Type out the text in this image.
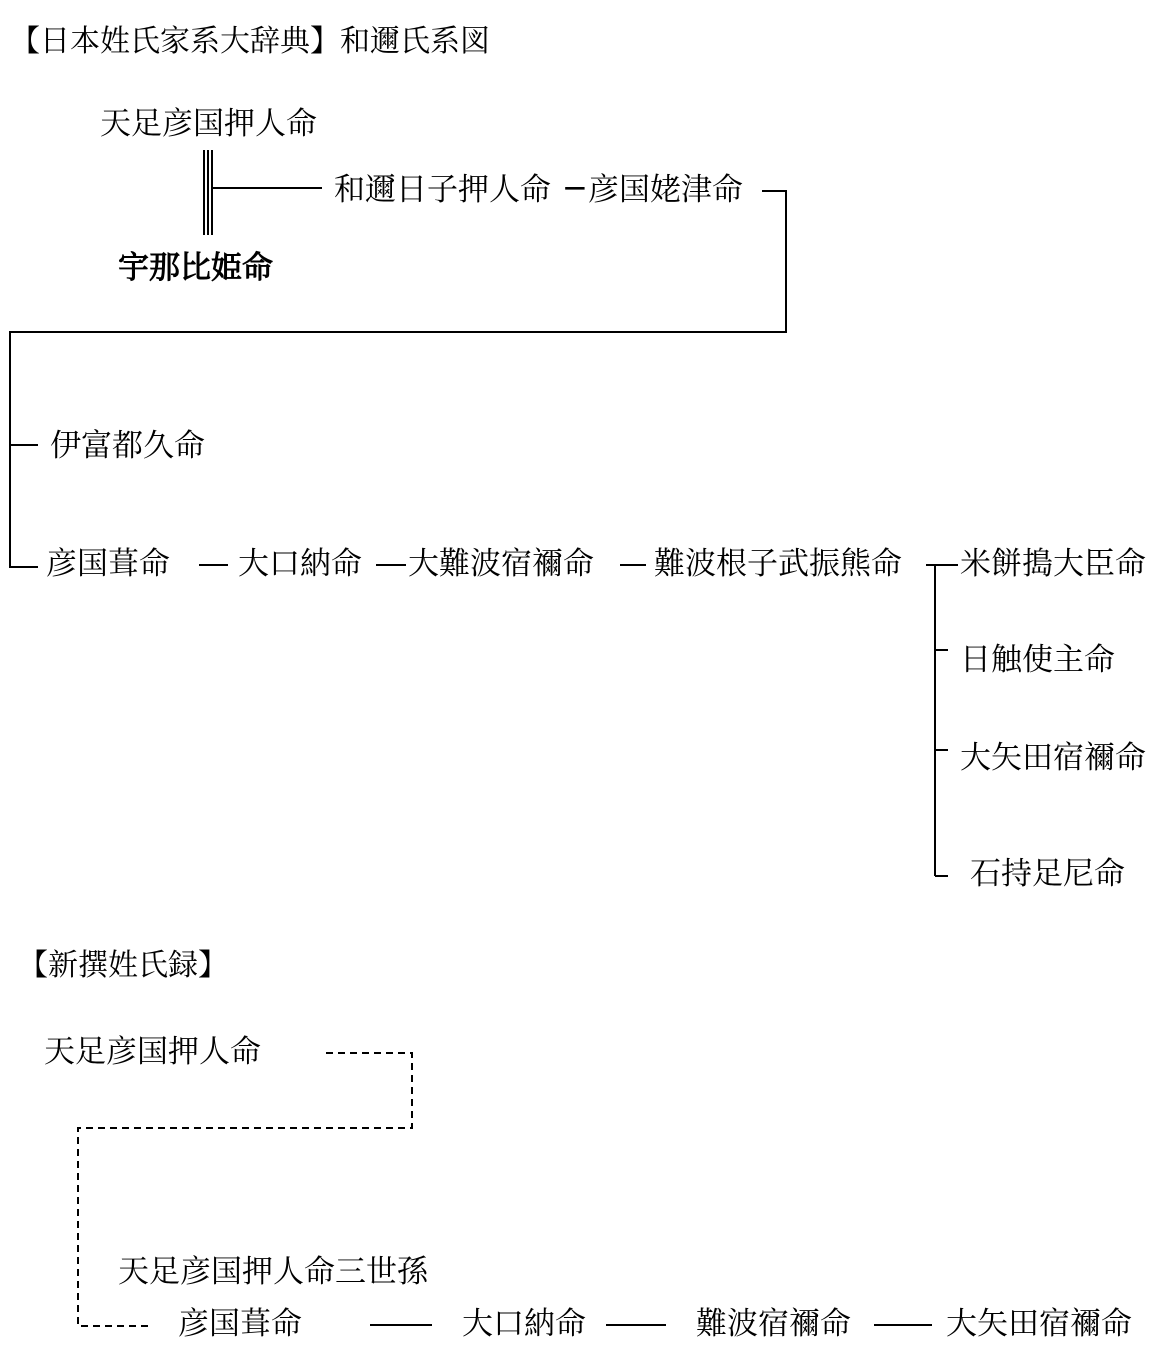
【日本姓氏家系大辞典】和邇氏系図
天足彦国押人命
宇那比姫命
和邇日子押人命 − 彦国姥津命
伊富都久命
彦国葺命 大口納命 大難波宿禰命 難波根子武振熊命 米餅搗大臣命
日触使主命
大矢田宿禰命
石持足尼命
【新撰姓氏録】
天足彦国押人命
天足彦国押人命三世孫
彦国葺命	大口納命	難波宿禰命	大矢田宿禰命
